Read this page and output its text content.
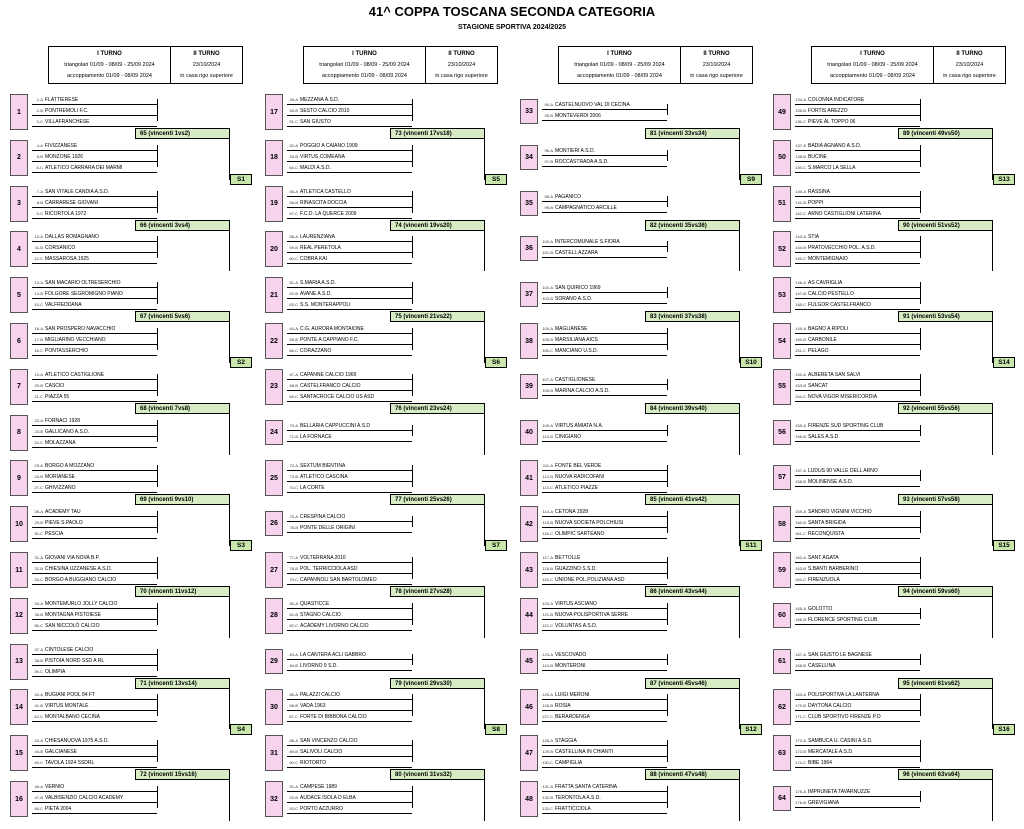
41^ COPPA TOSCANA SECONDA CATEGORIA
STAGIONE SPORTIVA 2024/2025
I TURNO
triangolari 01/09 - 08/09 - 25/09 2024
accoppiamento 01/09 - 08/09 2024
II TURNO
23/10/2024
in casa rigo superiore
1
1-A FLATTIERESE
2-B PONTREMOLI F.C.
3-C VILLAFRANCHESE
2
4-A FIVIZZANESE
5-B MONZONE 1926
6-C ATLETICO CARRARA DEI MARMI
3
7-A SAN VITALE CANDIA A.S.D.
8-B CARRARESE GIOVANI
9-C RICORTOLA 1972
4
10-A DALLAS ROMAGNANO
11-B CORSANICO
12-C MASSAROSA 1925
5
13-A SAN MACARIO OLTRESERCHIO
14-B FOLGORE SEGROMIGNO PIANO
15-C VALFREDDANA
6
16-A SAN PROSPERO NAVACCHIO
17-B MIGLIARINO VECCHIANO
18-C PONTASSERCHIO
7
19-A ATLETICO CASTIGLIONE
20-B CASCIO
21-C PIAZZA 55
8
22-A FORNACI 1928
23-B GALLICANO A.S.D.
24-C MOLAZZANA
9
25-A BORGO A MOZZANO
26-B MORIANESE
27-C GHIVIZZANO
10
28-A ACADEMY TAU
29-B PIEVE S.PAOLO
30-C PESCIA
11
31-A GIOVANI VIA NOVA B.P.
32-B CHIESINA UZZANESE A.S.D.
33-C BORGO A BUGGIANO CALCIO
12
34-A MONTEMURLO JOLLY CALCIO
35-B MONTAGNA PISTOIESE
36-C SAN NICCOLÒ CALCIO
13
37-A CINTOLESE CALCIO
38-B PISTOIA NORD SSD A RL
39-C OLIMPIA
14
40-A BUGIANI POOL 84 FT
41-B VIRTUS MONTALE
42-C MONTALBANO CECINA
15
43-A CHIESANUOVA 1975 A.S.D.
44-B GALCIANESE
45-C TAVOLA 1924 SSDRL
16
46-A VERNIO
47-B VALBISENZIO CALCIO ACADEMY
48-C PIETA 2004
65 (vincenti 1vs2)
66 (vincenti 3vs4)
67 (vincenti 5vs6)
68 (vincenti 7vs8)
69 (vincenti 9vs10)
70 (vincenti 11vs12)
71 (vincenti 13vs14)
72 (vincenti 15vs16)
S1
S2
S3
S4
I TURNO
triangolari 01/09 - 08/09 - 25/09 2024
accoppiamento 01/09 - 08/09 2024
II TURNO
23/10/2024
in casa rigo superiore
17
49-A MEZZANA A.S.D.
50-B SESTO CALCIO 2010
51-C SAN GIUSTO
18
52-A POGGIO A CAIANO 1909
53-B VIRTUS COMEANA
54-C MALDI A.S.D.
19
55-A ATLETICA CASTELLO
56-B RINASCITA DOCCIA
57-C F.C.D. LA QUERCE 2009
20
58-A LAURENZIANA
59-B REAL PERETOLA
60-C COBRA KAI
21
61-A S.MARIA A.S.D.
62-B AVANE A.S.D.
63-C S.S. MONTERAPPOLI
22
64-A C.G. AURORA MONTAIONE
65-B PONTE A CAPPIANO F.C.
66-C CORAZZANO
23
67-A CAPANNE CALCIO 1969
68-B CASTELFRANCO CALCIO
69-C SANTACROCE CALCIO US ASD
24
70-A BELLARIA CAPPUCCINI A.S.D
71-B LA FORNACE
25
72-A SEXTUM BIENTINA
73-B ATLETICO CASCINA
74-C LA CORTE
26
75-A CRESPINA CALCIO
76-B PONTE DELLE ORIGINI
27
77-A VOLTERRANA 2016
78-B POL. TERRICCIOLA ASD
79-C CAPANNOLI SAN BARTOLOMEO
28
80-A QUASTICCE
81-B STAGNO CALCIO
82-C ACADEMY LIVORNO CALCIO
29
83-A LA CANTERA ACLI GABBRO
84-B LIVORNO 9 S.D.
30
85-A PALAZZI CALCIO
86-B VADA 1963
87-C FORTE DI BIBBONA CALCIO
31
88-A SAN VINCENZO CALCIO
89-B SALIVOLI CALCIO
90-C RIOTORTO
32
91-A CAMPESE 1989
92-B AUDACE ISOLA D ELBA
93-C PORTO AZZURRO
73 (vincenti 17vs18)
74 (vincenti 19vs20)
75 (vincenti 21vs22)
76 (vincenti 23vs24)
77 (vincenti 25vs26)
78 (vincenti 27vs28)
79 (vincenti 29vs30)
80 (vincenti 31vs32)
S5
S6
S7
S8
I TURNO
triangolari 01/09 - 08/09 - 25/09 2024
accoppiamento 01/09 - 08/09 2024
II TURNO
23/10/2024
in casa rigo superiore
33
94-A CASTELNUOVO VAL DI CECINA
95-B MONTEVERDI 2006
34
96-A MONTIERI A.S.D.
97-B ROCCASTRADA A.S.D.
35
98-A PAGANICO
99-B CAMPAGNATICO ARCILLE
36
100-A INTERCOMUNALE S.FIORA
101-B CASTELL AZZARA
37
102-A SAN QUIRICO 1969
103-B SORANO A.S.D.
38
104-A MAGLIANESE
105-B MARSILIANA AICS
106-C MANCIANO U.S.D.
39
107-A CASTIGLIONESE
108-B MARINA CALCIO A.S.D.
40
109-A VIRTUS AMIATA N.A.
110-B CINIGIANO
41
111-A FONTE BEL VERDE
112-B NUOVA RADICOFANI
113-C ATLETICO PIAZZE
42
114-A CETONA 1928
115-B NUOVA SOCIETA POLCHIUSI
116-C OLIMPIC SARTEANO
43
117-A BETTOLLE
118-B GUAZZINO S.S.D.
119-C UNIONE POL.POLIZIANA ASD
44
120-A VIRTUS ASCIANO
121-B NUOVA POLISPORTIVA SERRE
122-C VOLUNTAS A.S.D.
45
123-A VESCOVADO
124-B MONTERONI
46
125-A LUIGI MERONI
126-B ROSIA
127-C BERARDENGA
47
128-A STAGGIA
129-B CASTELLINA IN CHIANTI
130-C CAMPIGLIA
48
131-A FRATTA SANTA CATERINA
132-B TERONTOLA A.S.D.
133-C FRATTICCIOLA
81 (vincenti 33vs34)
82 (vincenti 35vs36)
83 (vincenti 37vs38)
84 (vincenti 39vs40)
85 (vincenti 41vs42)
86 (vincenti 43vs44)
87 (vincenti 45vs46)
88 (vincenti 47vs48)
S9
S10
S11
S12
I TURNO
triangolari 01/09 - 08/09 - 25/09 2024
accoppiamento 01/09 - 08/09 2024
II TURNO
23/10/2024
in casa rigo superiore
49
134-A COLONNA INDICATORE
135-B FORTIS AREZZO
136-C PIEVE AL TOPPO 06
50
137-A BADIA AGNANO A.S.D.
138-B BUCINE
139-C S.MARCO LA SELLA
51
140-A RASSINA
141-B POPPI
142-C ARNO CASTIGLIONI LATERINA
52
143-A STIA
144-B PRATOVECCHIO POL. A.S.D.
145-C MONTEMIGNAIO
53
146-A AS CAVRIGLIA
147-B CALCIO PESTELLO
148-C FULGOR CASTELFRANCO
54
149-A BAGNO A RIPOLI
150-B CARBONILE
151-C PELAGO
55
152-A ALBERETA SAN SALVI
153-B SANCAT
154-C NOVA VIGOR MISERICORDIA
56
155-A FIRENZE SUD SPORTING CLUB
156-B SALES A.S.D.
57
157-A LUDUS 90 VALLE DELL ARNO
158-B MOLINENSE A.S.D.
58
159-A SANDRO VIGNINI VICCHIO
160-B SANTA BRIGIDA
161-C RECONQUISTA
59
162-A SANT AGATA
163-B S.BANTI BARBERINO
164-C FIRENZUOLA
60
165-A GOLOTTO
166-B FLORENCE SPORTING CLUB
61
167-A SAN GIUSTO LE BAGNESE
168-B CASELLINA
62
169-A POLISPORTIVA LA LANTERNA
170-B DAYTONA CALCIO
171-C CLUB SPORTIVO FIRENZE P.O
63
172-A SAMBUCA U. CASINI A.S.D.
173-B MERCATALE A.S.D.
174-C BIBE 1964
64
175-A IMPRUNETA TAVARNUZZE
176-B GREVIGIANA
89 (vincenti 49vs50)
90 (vincenti 51vs52)
91 (vincenti 53vs54)
92 (vincenti 55vs56)
93 (vincenti 57vs58)
94 (vincenti 59vs60)
95 (vincenti 61vs62)
96 (vincenti 63vs64)
S13
S14
S15
S16
